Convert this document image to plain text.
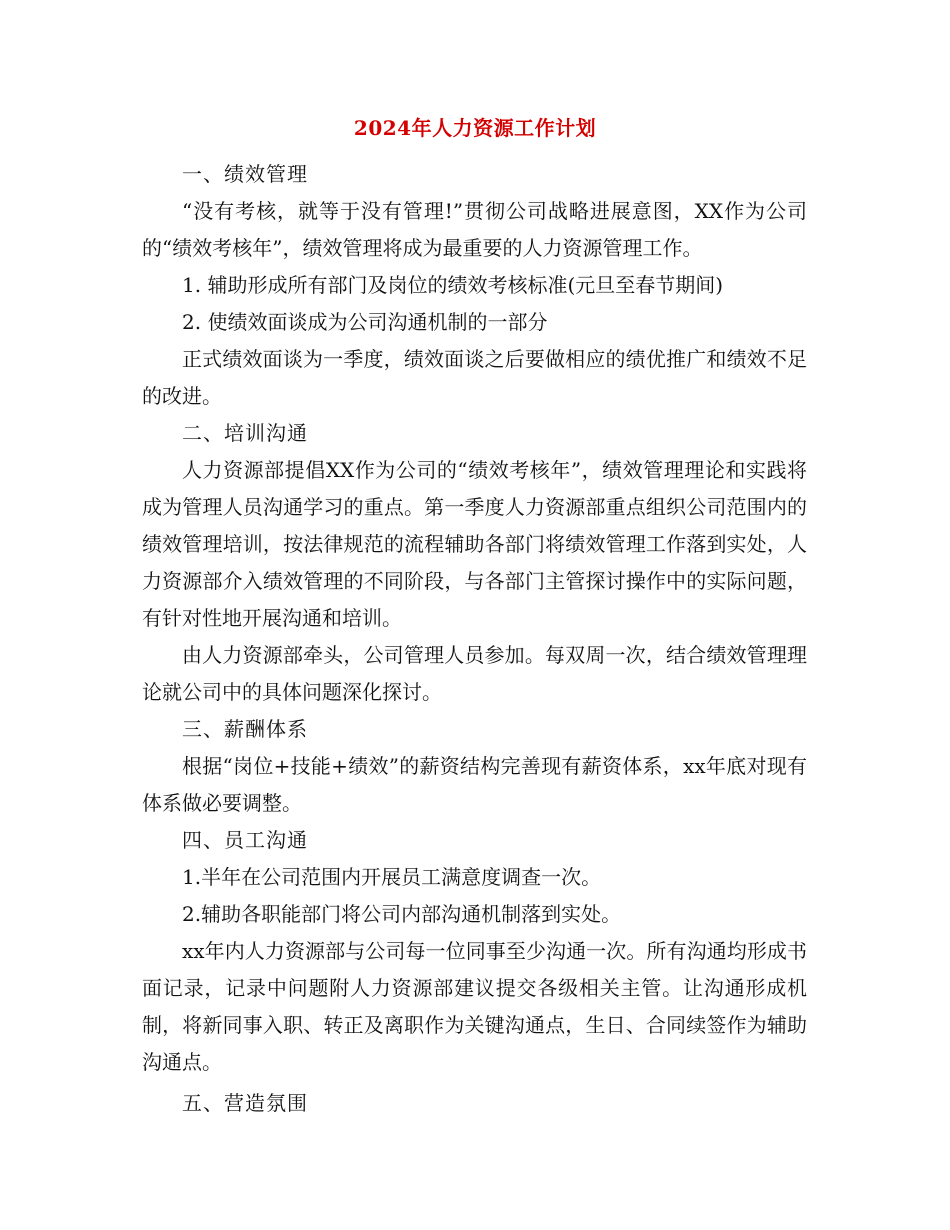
2024年人力资源工作计划

一、绩效管理

“没有考核，就等于没有管理!”贯彻公司战略进展意图，XX作为公司的“绩效考核年”，绩效管理将成为最重要的人力资源管理工作。

1. 辅助形成所有部门及岗位的绩效考核标准(元旦至春节期间)

2. 使绩效面谈成为公司沟通机制的一部分

正式绩效面谈为一季度，绩效面谈之后要做相应的绩优推广和绩效不足的改进。

二、培训沟通

人力资源部提倡XX作为公司的“绩效考核年”，绩效管理理论和实践将成为管理人员沟通学习的重点。第一季度人力资源部重点组织公司范围内的绩效管理培训，按法律规范的流程辅助各部门将绩效管理工作落到实处，人力资源部介入绩效管理的不同阶段，与各部门主管探讨操作中的实际问题，有针对性地开展沟通和培训。

由人力资源部牵头，公司管理人员参加。每双周一次，结合绩效管理理论就公司中的具体问题深化探讨。

三、薪酬体系

根据“岗位+技能+绩效”的薪资结构完善现有薪资体系，xx年底对现有体系做必要调整。

四、员工沟通

1.半年在公司范围内开展员工满意度调查一次。

2.辅助各职能部门将公司内部沟通机制落到实处。

xx年内人力资源部与公司每一位同事至少沟通一次。所有沟通均形成书面记录，记录中问题附人力资源部建议提交各级相关主管。让沟通形成机制，将新同事入职、转正及离职作为关键沟通点，生日、合同续签作为辅助沟通点。

五、营造氛围
